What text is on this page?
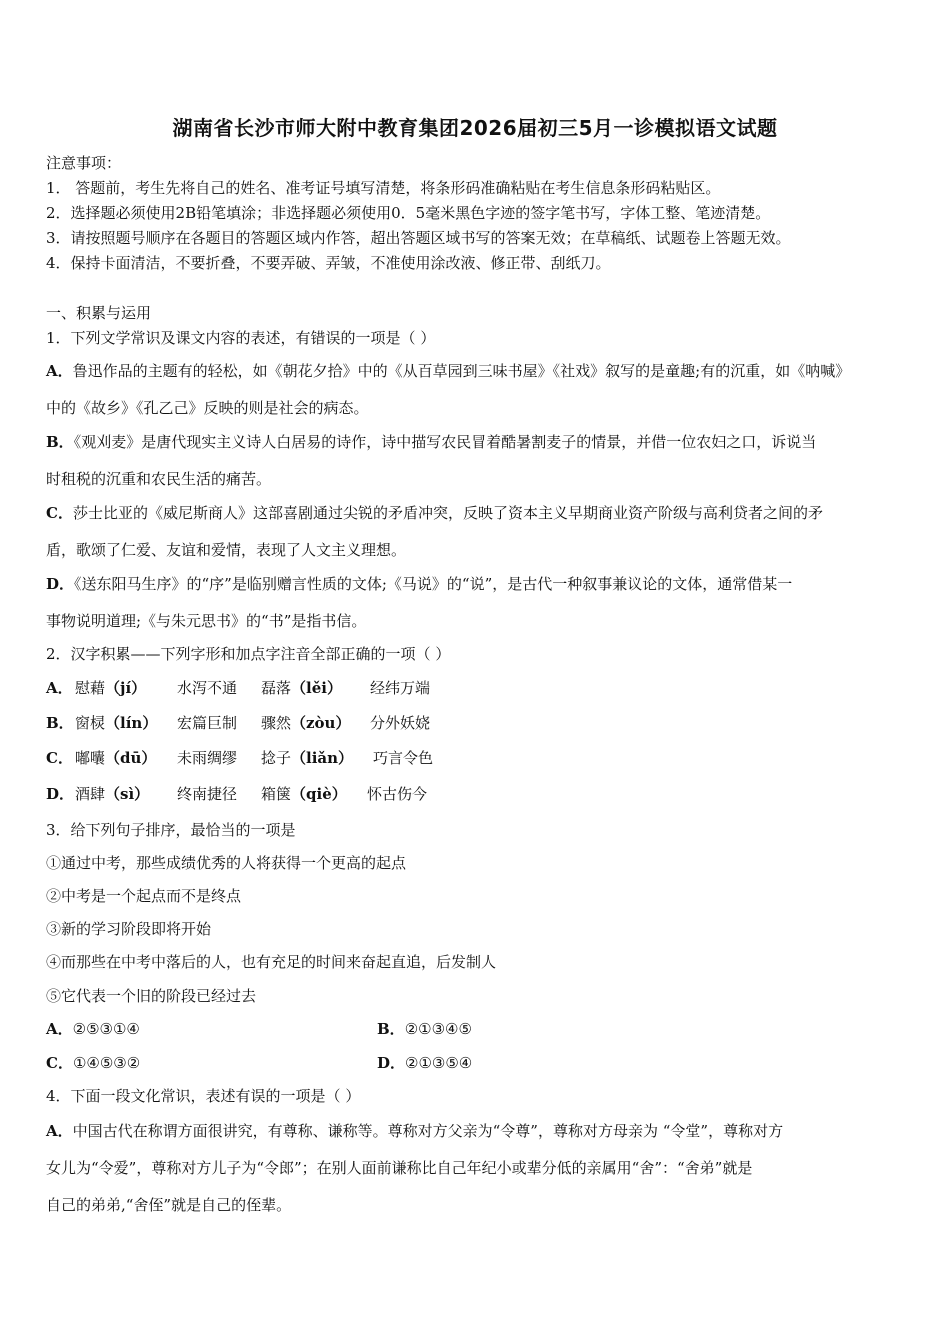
湖南省长沙市师大附中教育集团2026届初三5月一诊模拟语文试题
注意事项：
1． 答题前，考生先将自己的姓名、准考证号填写清楚，将条形码准确粘贴在考生信息条形码粘贴区。
2．选择题必须使用2B铅笔填涂；非选择题必须使用0．5毫米黑色字迹的签字笔书写，字体工整、笔迹清楚。
3．请按照题号顺序在各题目的答题区域内作答，超出答题区域书写的答案无效；在草稿纸、试题卷上答题无效。
4．保持卡面清洁，不要折叠，不要弄破、弄皱，不准使用涂改液、修正带、刮纸刀。
一、积累与运用
1．下列文学常识及课文内容的表述，有错误的一项是（ ）
A．鲁迅作品的主题有的轻松，如《朝花夕拾》中的《从百草园到三味书屋》《社戏》叙写的是童趣;有的沉重，如《呐喊》
中的《故乡》《孔乙己》反映的则是社会的病态。
B．《观刈麦》是唐代现实主义诗人白居易的诗作，诗中描写农民冒着酷暑割麦子的情景，并借一位农妇之口，诉说当
时租税的沉重和农民生活的痛苦。
C．莎士比亚的《威尼斯商人》这部喜剧通过尖锐的矛盾冲突，反映了资本主义早期商业资产阶级与高利贷者之间的矛
盾，歌颂了仁爱、友谊和爱情，表现了人文主义理想。
D．《送东阳马生序》的“序”是临别赠言性质的文体;《马说》的“说”，是古代一种叙事兼议论的文体，通常借某一
事物说明道理;《与朱元思书》的“书”是指书信。
2．汉字积累——下列字形和加点字注音全部正确的一项（ ）
A． 慰藉（jí） 水泻不通 磊落（lěi） 经纬万端
B． 窗棂（lín） 宏篇巨制 骤然（zòu） 分外妖娆
C． 嘟囔（dū） 未雨绸缪 捻子（liǎn） 巧言令色
D． 酒肆（sì） 终南捷径 箱箧（qiè） 怀古伤今
3．给下列句子排序，最恰当的一项是
①通过中考，那些成绩优秀的人将获得一个更高的起点
②中考是一个起点而不是终点
③新的学习阶段即将开始
④而那些在中考中落后的人，也有充足的时间来奋起直追，后发制人
⑤它代表一个旧的阶段已经过去
A．②⑤③①④	B．②①③④⑤
C．①④⑤③②	D．②①③⑤④
4．下面一段文化常识，表述有误的一项是（ ）
A．中国古代在称谓方面很讲究，有尊称、谦称等。尊称对方父亲为“令尊”，尊称对方母亲为 “令堂”，尊称对方
女儿为“令爱”，尊称对方儿子为“令郎”；在别人面前谦称比自己年纪小或辈分低的亲属用“舍”：“舍弟”就是
自己的弟弟,“舍侄”就是自己的侄辈。
